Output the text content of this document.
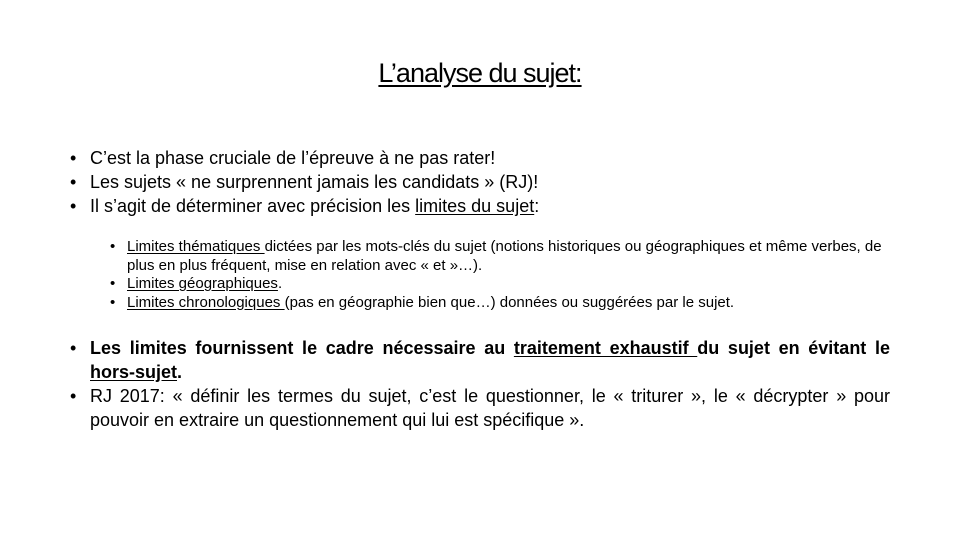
L’analyse du sujet:
• C’est la phase cruciale de l’épreuve à ne pas rater!
• Les sujets « ne surprennent jamais les candidats » (RJ)!
• Il s’agit de déterminer avec précision les limites du sujet:
• Limites thématiques dictées par les mots-clés du sujet (notions historiques ou géographiques et même verbes, de plus en plus fréquent, mise en relation avec « et »…).
• Limites géographiques.
• Limites chronologiques (pas en géographie bien que…) données ou suggérées par le sujet.
• Les limites fournissent le cadre nécessaire au traitement exhaustif du sujet en évitant le hors-sujet.
• RJ 2017: « définir les termes du sujet, c’est le questionner, le « triturer », le « décrypter » pour pouvoir en extraire un questionnement qui lui est spécifique ».
